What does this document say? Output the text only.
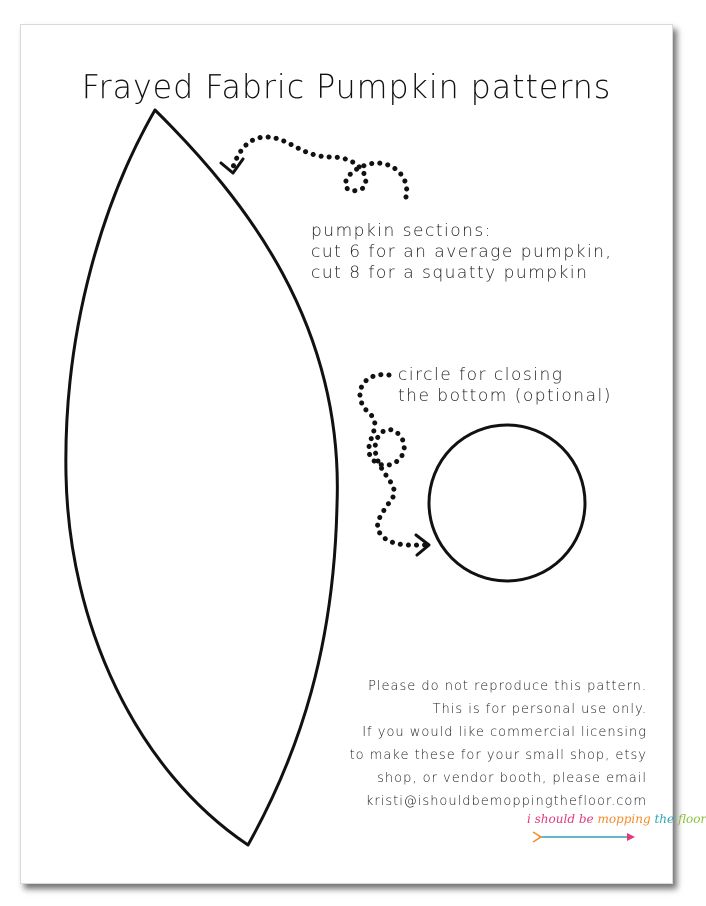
Frayed Fabric Pumpkin patterns
pumpkin sections:
cut 6 for an average pumpkin,
cut 8 for a squatty pumpkin
circle for closing
the bottom (optional)
Please do not reproduce this pattern.
This is for personal use only.
If you would like commercial licensing
to make these for your small shop, etsy
shop, or vendor booth, please email
kristi@ishouldbemoppingthefloor.com
i should be mopping the floor
